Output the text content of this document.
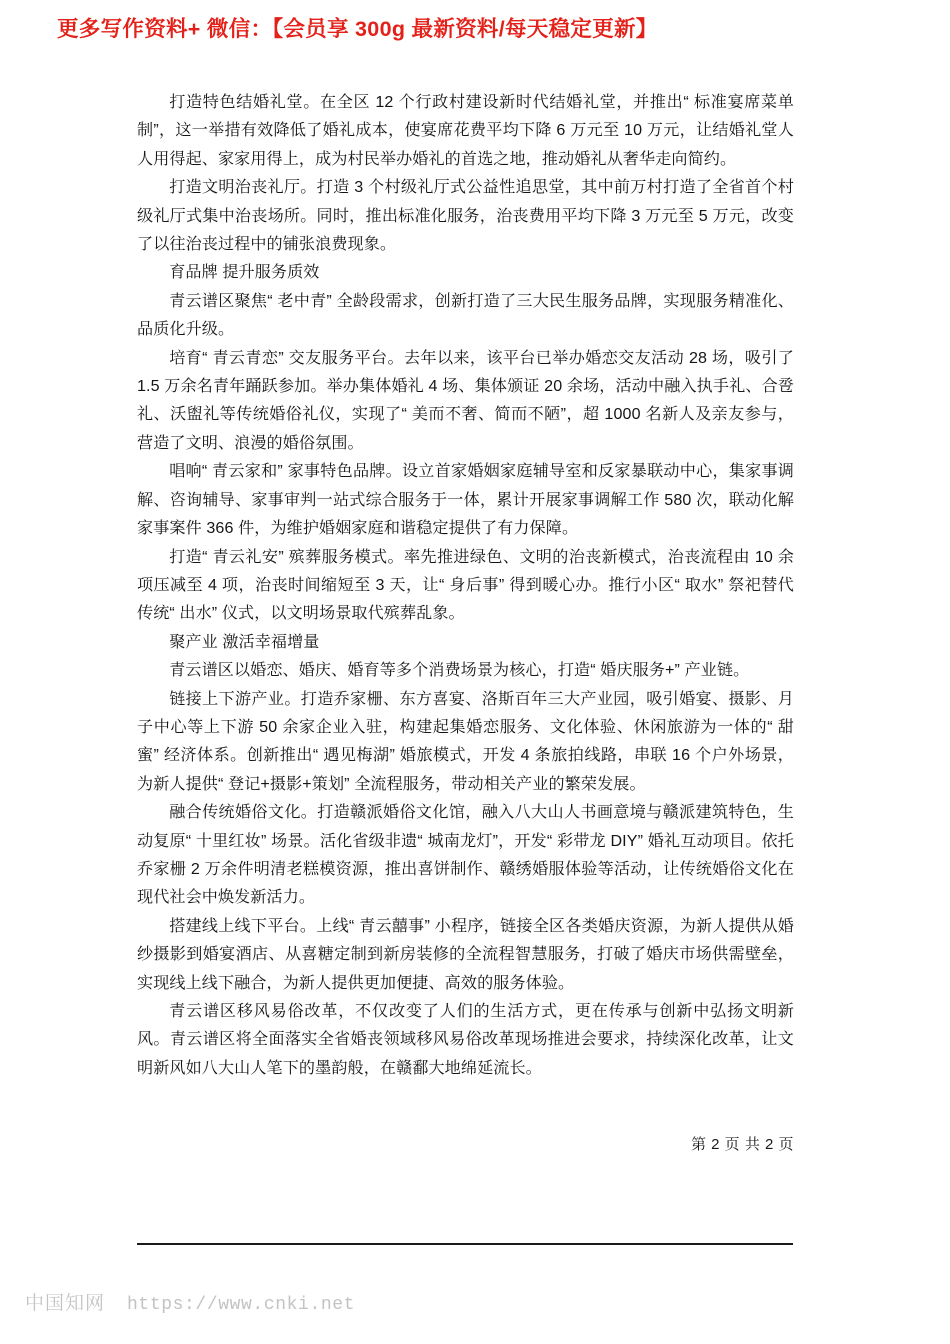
更多写作资料+ 微信：【会员享 300g 最新资料/每天稳定更新】

打造特色结婚礼堂。在全区 12 个行政村建设新时代结婚礼堂，并推出“ 标准宴席菜单制”，这一举措有效降低了婚礼成本，使宴席花费平均下降 6 万元至 10 万元，让结婚礼堂人人用得起、家家用得上，成为村民举办婚礼的首选之地，推动婚礼从奢华走向简约。

打造文明治丧礼厅。打造 3 个村级礼厅式公益性追思堂，其中前万村打造了全省首个村级礼厅式集中治丧场所。同时，推出标准化服务，治丧费用平均下降 3 万元至 5 万元，改变了以往治丧过程中的铺张浪费现象。

育品牌 提升服务质效

青云谱区聚焦“ 老中青” 全龄段需求，创新打造了三大民生服务品牌，实现服务精准化、品质化升级。

培育“ 青云青恋” 交友服务平台。去年以来，该平台已举办婚恋交友活动 28 场，吸引了 1.5 万余名青年踊跃参加。举办集体婚礼 4 场、集体颁证 20 余场，活动中融入执手礼、合卺礼、沃盥礼等传统婚俗礼仪，实现了“ 美而不奢、简而不陋”，超 1000 名新人及亲友参与，营造了文明、浪漫的婚俗氛围。

唱响“ 青云家和” 家事特色品牌。设立首家婚姻家庭辅导室和反家暴联动中心，集家事调解、咨询辅导、家事审判一站式综合服务于一体，累计开展家事调解工作 580 次，联动化解家事案件 366 件，为维护婚姻家庭和谐稳定提供了有力保障。

打造“ 青云礼安” 殡葬服务模式。率先推进绿色、文明的治丧新模式，治丧流程由 10 余项压减至 4 项，治丧时间缩短至 3 天，让“ 身后事” 得到暖心办。推行小区“ 取水” 祭祀替代传统“ 出水” 仪式，以文明场景取代殡葬乱象。

聚产业 激活幸福增量

青云谱区以婚恋、婚庆、婚育等多个消费场景为核心，打造“ 婚庆服务+” 产业链。

链接上下游产业。打造乔家栅、东方喜宴、洛斯百年三大产业园，吸引婚宴、摄影、月子中心等上下游 50 余家企业入驻，构建起集婚恋服务、文化体验、休闲旅游为一体的“ 甜蜜” 经济体系。创新推出“ 遇见梅湖” 婚旅模式，开发 4 条旅拍线路，串联 16 个户外场景，为新人提供“ 登记+摄影+策划” 全流程服务，带动相关产业的繁荣发展。

融合传统婚俗文化。打造赣派婚俗文化馆，融入八大山人书画意境与赣派建筑特色，生动复原“ 十里红妆” 场景。活化省级非遗“ 城南龙灯”，开发“ 彩带龙 DIY” 婚礼互动项目。依托乔家栅 2 万余件明清老糕模资源，推出喜饼制作、赣绣婚服体验等活动，让传统婚俗文化在现代社会中焕发新活力。

搭建线上线下平台。上线“ 青云囍事” 小程序，链接全区各类婚庆资源，为新人提供从婚纱摄影到婚宴酒店、从喜糖定制到新房装修的全流程智慧服务，打破了婚庆市场供需壁垒，实现线上线下融合，为新人提供更加便捷、高效的服务体验。

青云谱区移风易俗改革，不仅改变了人们的生活方式，更在传承与创新中弘扬文明新风。青云谱区将全面落实全省婚丧领域移风易俗改革现场推进会要求，持续深化改革，让文明新风如八大山人笔下的墨韵般，在赣鄱大地绵延流长。

第 2 页 共 2 页
中国知网 https://www.cnki.net
